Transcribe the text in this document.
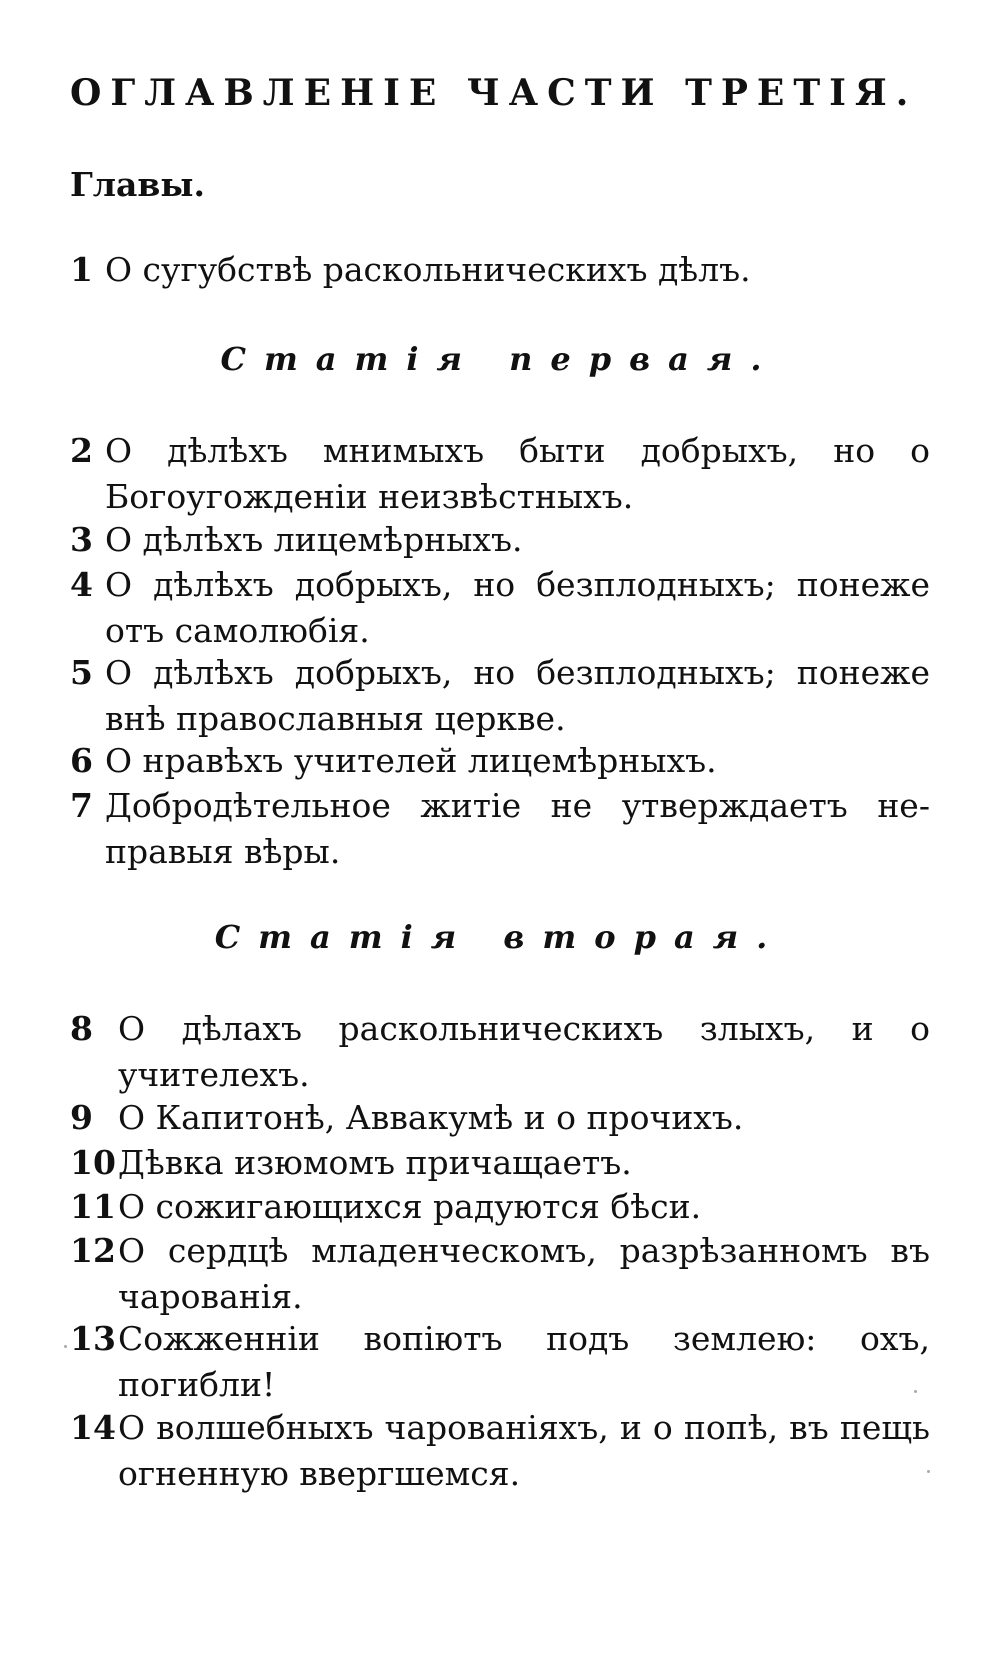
ОГЛАВЛЕНІЕ ЧАСТИ ТРЕТІЯ.
Главы.
1 О сугубствѣ раскольническихъ дѣлъ.
Статія первая.
2 О дѣлѣхъ мнимыхъ быти добрыхъ, но о Богоугожденіи неизвѣстныхъ.
3 О дѣлѣхъ лицемѣрныхъ.
4 О дѣлѣхъ добрыхъ, но безплодныхъ; понеже отъ самолюбія.
5 О дѣлѣхъ добрыхъ, но безплодныхъ; понеже внѣ православныя церкве.
6 О нравѣхъ учителей лицемѣрныхъ.
7 Добродѣтельное житіе не утверждаетъ неправыя вѣры.
Статія вторая.
8 О дѣлахъ раскольническихъ злыхъ, и о учителехъ.
9 О Капитонѣ, Аввакумѣ и о прочихъ.
10 Дѣвка изюмомъ причащаетъ.
11 О сожигающихся радуются бѣси.
12 О сердцѣ младенческомъ, разрѣзанномъ въ чарованія.
13 Сожженніи вопіютъ подъ землею: охъ, погибли!
14 О волшебныхъ чарованіяхъ, и о попѣ, въ пещь огненную ввергшемся.
